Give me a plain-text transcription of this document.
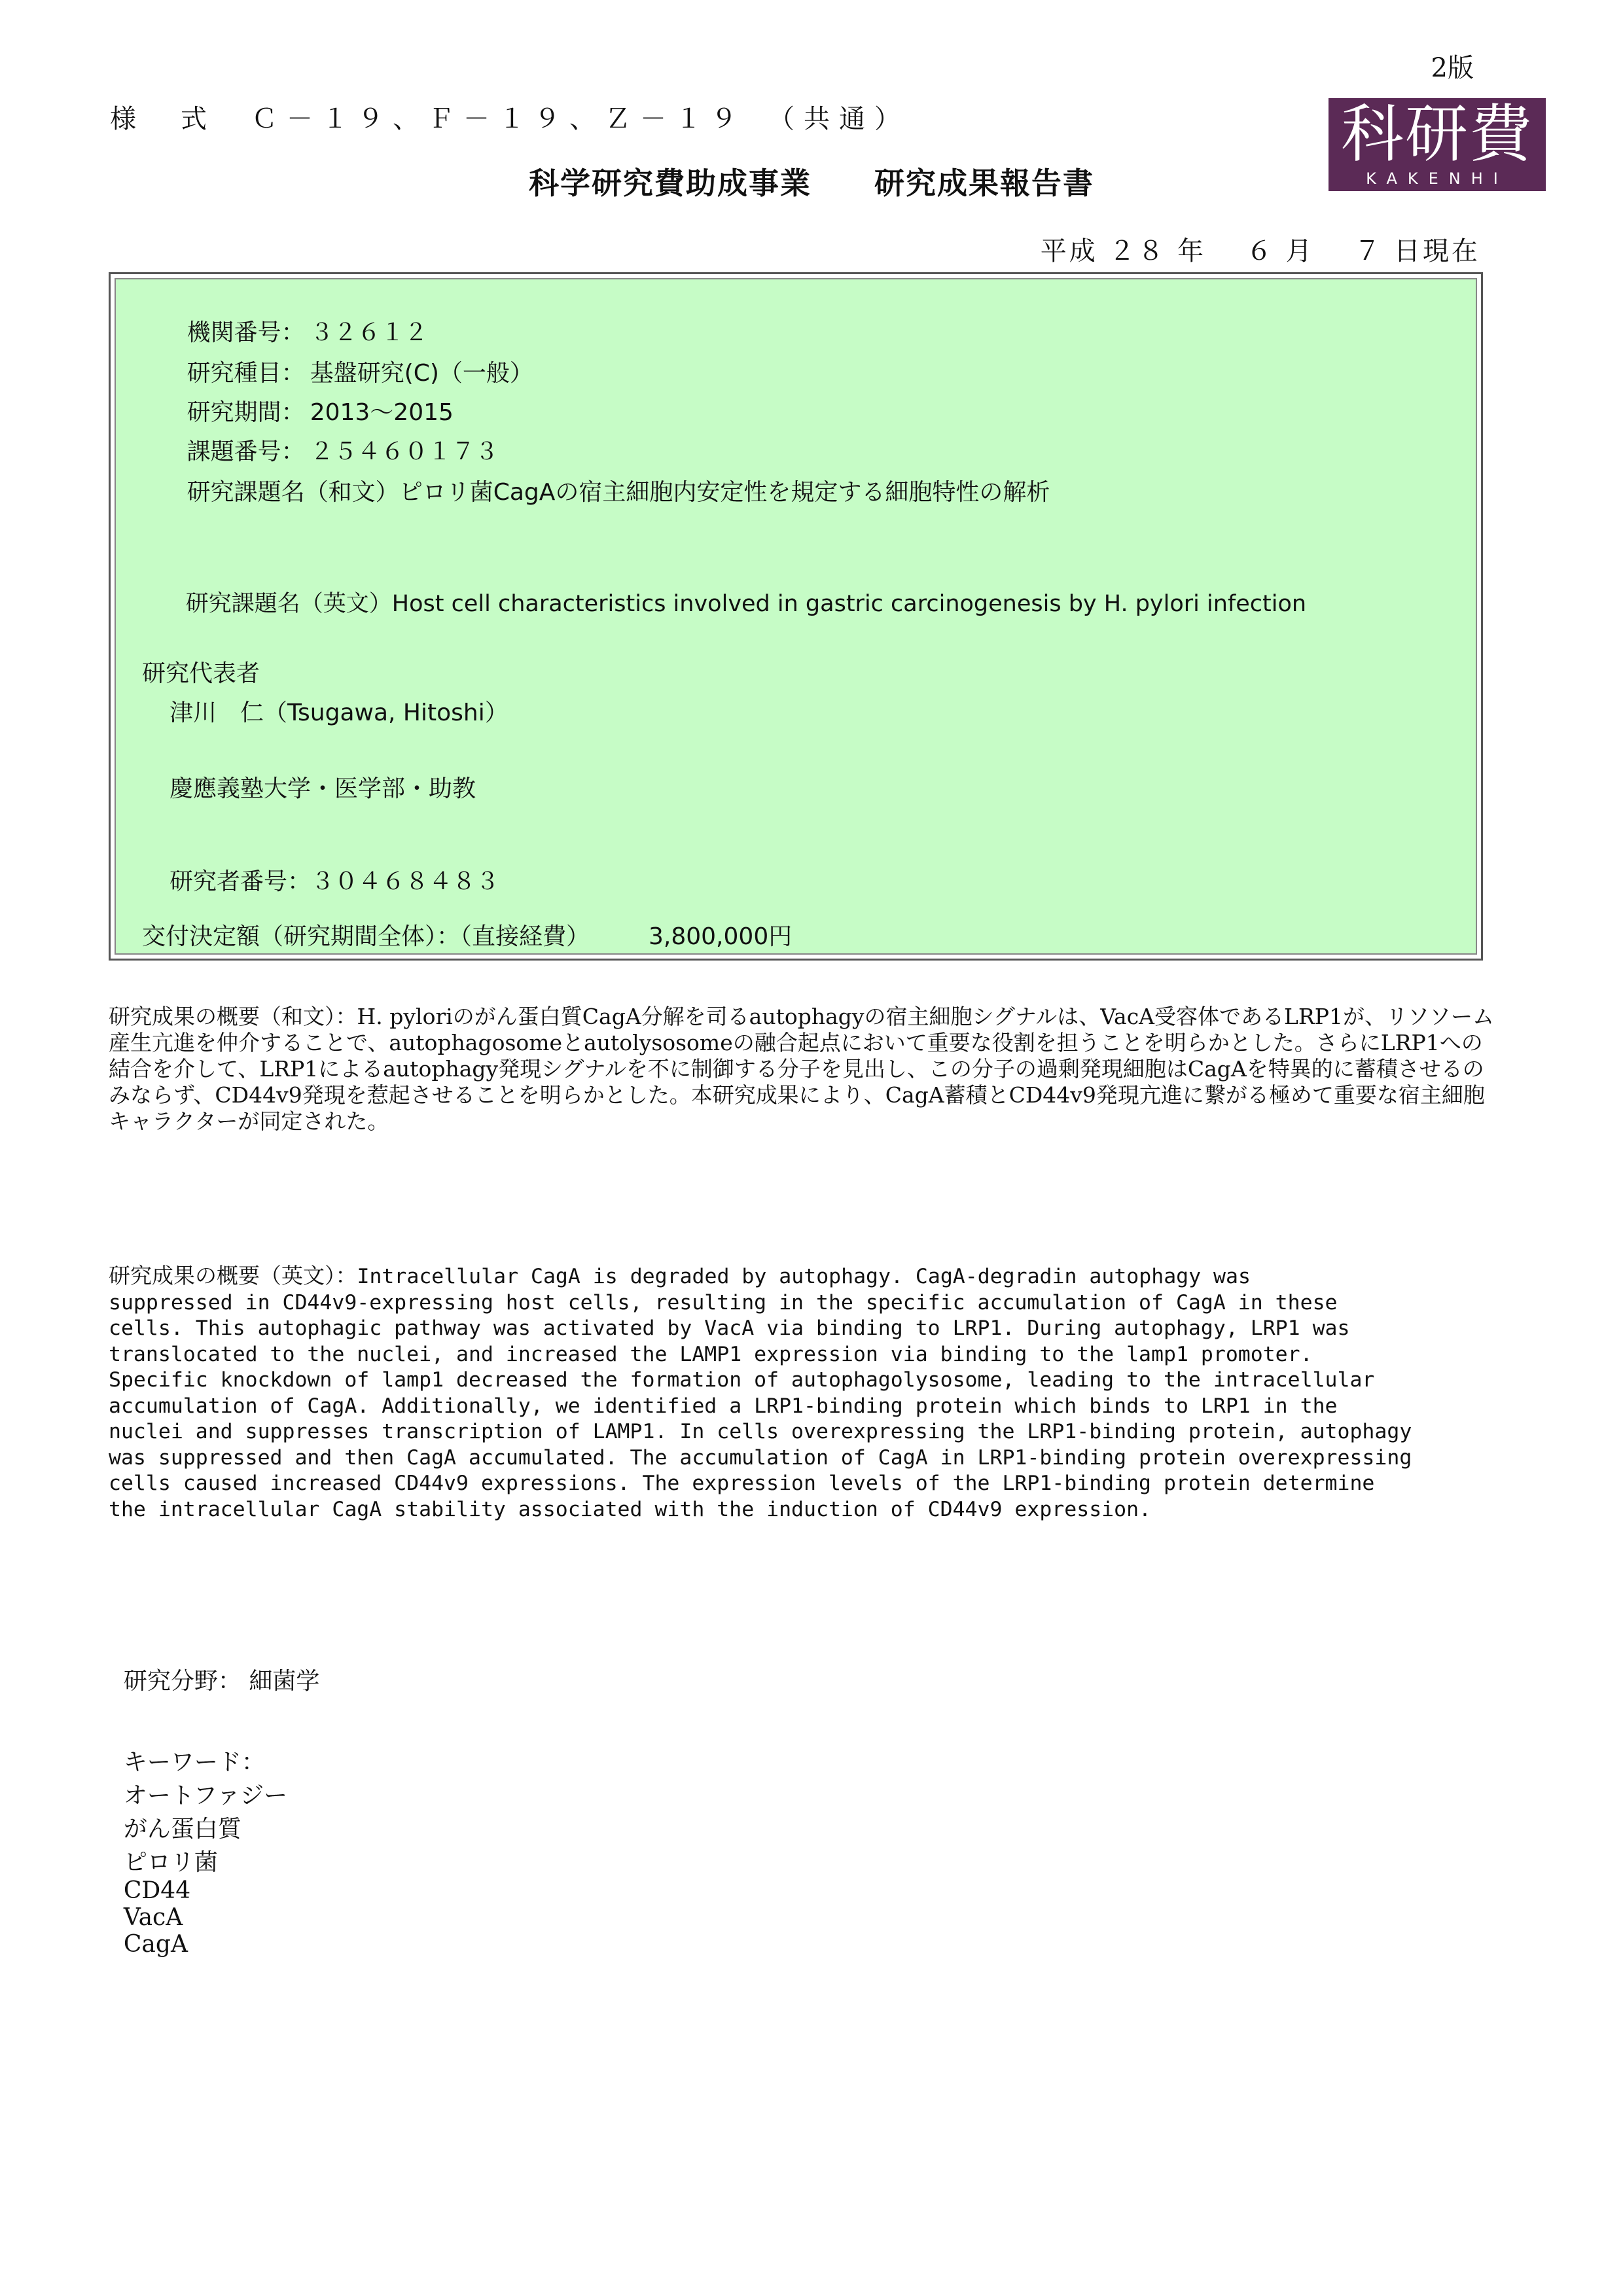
2版
様　式　Ｃ－１９、Ｆ－１９、Ｚ－１９　（共通）
科学研究費助成事業　　研究成果報告書
科研費
KAKENHI
平成 ２８ 年　 ６ 月　 ７ 日現在

機関番号： ３２６１２

研究種目： 基盤研究(C)（一般）

研究期間： 2013～2015

課題番号： ２５４６０１７３

研究課題名（和文）ピロリ菌CagAの宿主細胞内安定性を規定する細胞特性の解析

研究課題名（英文）Host cell characteristics involved in gastric carcinogenesis by H. pylori infection

研究代表者
津川　仁（Tsugawa, Hitoshi）
慶應義塾大学・医学部・助教
研究者番号：３０４６８４８３
交付決定額（研究期間全体）：（直接経費）　　　3,800,000円
研究成果の概要（和文）：H. pyloriのがん蛋白質CagA分解を司るautophagyの宿主細胞シグナルは、VacA受容体であるLRP1が、リソソーム産生亢進を仲介することで、autophagosomeとautolysosomeの融合起点において重要な役割を担うことを明らかとした。さらにLRP1への結合を介して、LRP1によるautophagy発現シグナルを不に制御する分子を見出し、この分子の過剰発現細胞はCagAを特異的に蓄積させるのみならず、CD44v9発現を惹起させることを明らかとした。本研究成果により、CagA蓄積とCD44v9発現亢進に繋がる極めて重要な宿主細胞キャラクターが同定された。
研究成果の概要（英文）：Intracellular CagA is degraded by autophagy. CagA-degradin autophagy was
suppressed in CD44v9-expressing host cells, resulting in the specific accumulation of CagA in these
cells. This autophagic pathway was activated by VacA via binding to LRP1. During autophagy, LRP1 was
translocated to the nuclei, and increased the LAMP1 expression via binding to the lamp1 promoter.
Specific knockdown of lamp1 decreased the formation of autophagolysosome, leading to the intracellular
accumulation of CagA. Additionally, we identified a LRP1-binding protein which binds to LRP1 in the
nuclei and suppresses transcription of LAMP1. In cells overexpressing the LRP1-binding protein, autophagy
was suppressed and then CagA accumulated. The accumulation of CagA in LRP1-binding protein overexpressing
cells caused increased CD44v9 expressions. The expression levels of the LRP1-binding protein determine
the intracellular CagA stability associated with the induction of CD44v9 expression.

研究分野： 細菌学

キーワード：
オートファジー
がん蛋白質
ピロリ菌
CD44
VacA
CagA
